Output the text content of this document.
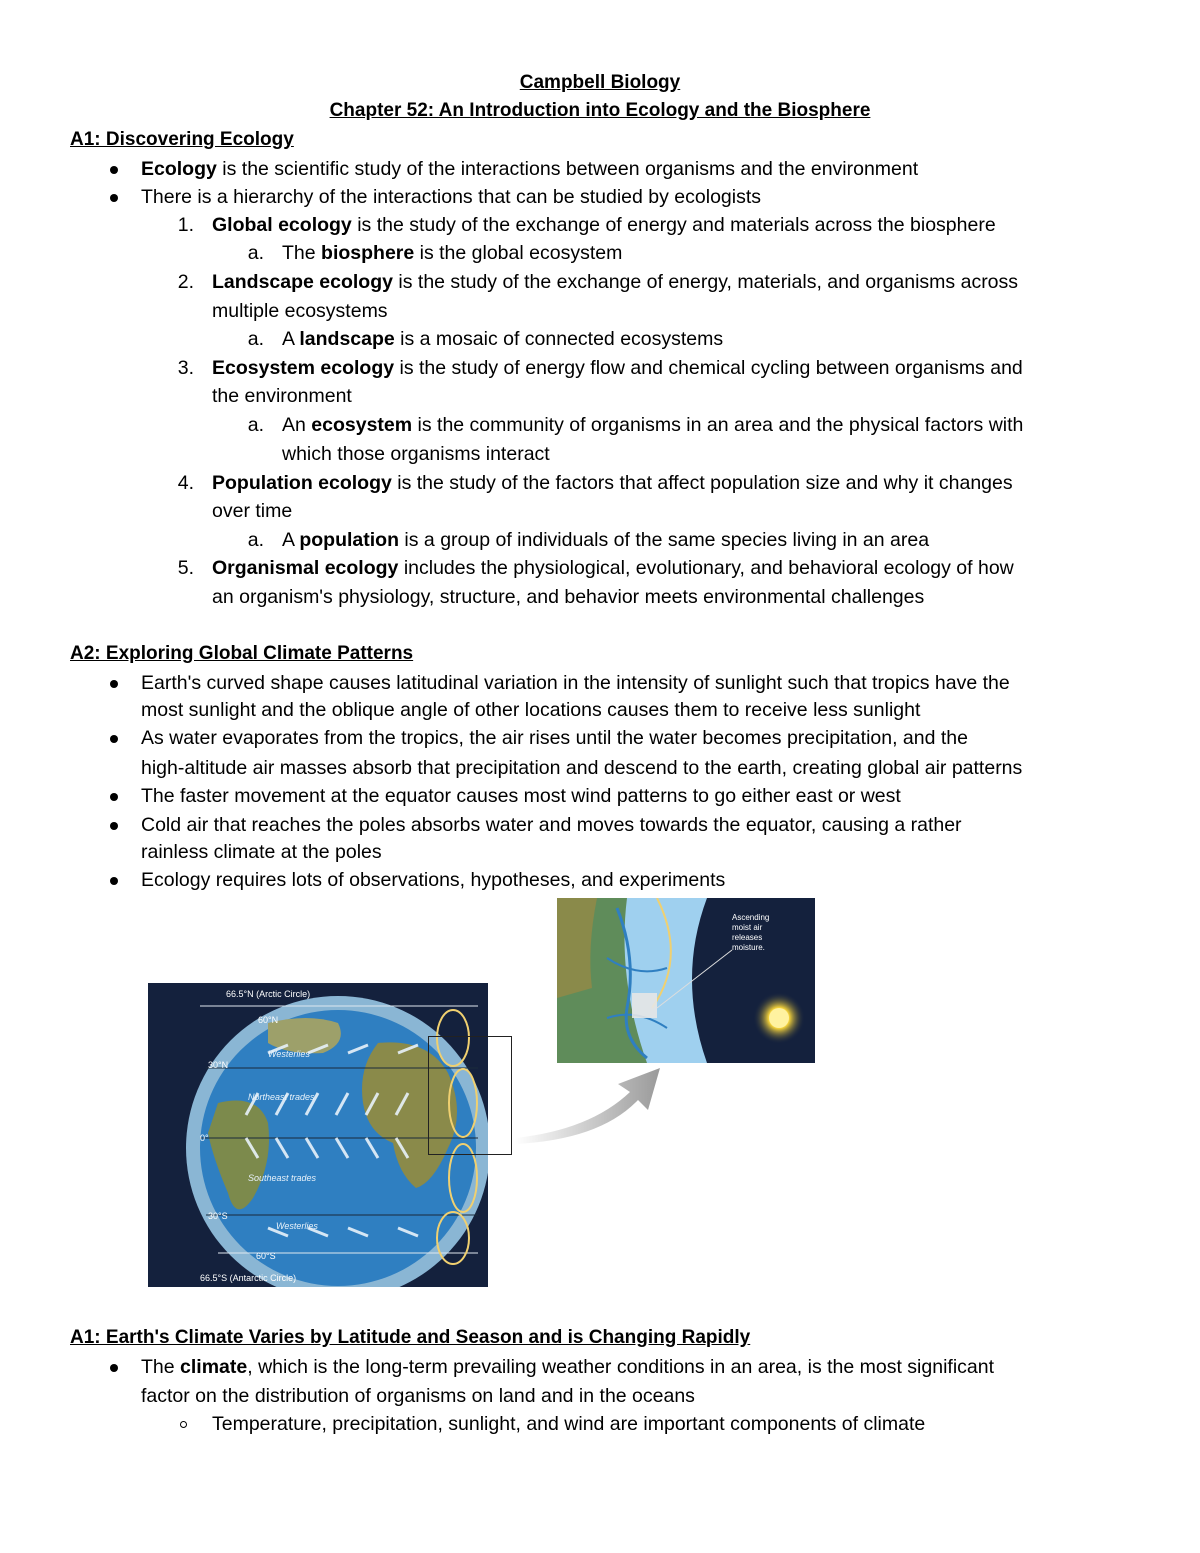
Campbell Biology
Chapter 52: An Introduction into Ecology and the Biosphere
A1: Discovering Ecology
Ecology is the scientific study of the interactions between organisms and the environment
There is a hierarchy of the interactions that can be studied by ecologists
1. Global ecology is the study of the exchange of energy and materials across the biosphere
a. The biosphere is the global ecosystem
2. Landscape ecology is the study of the exchange of energy, materials, and organisms across
multiple ecosystems
a. A landscape is a mosaic of connected ecosystems
3. Ecosystem ecology is the study of energy flow and chemical cycling between organisms and
the environment
a. An ecosystem is the community of organisms in an area and the physical factors with
which those organisms interact
4. Population ecology is the study of the factors that affect population size and why it changes
over time
a. A population is a group of individuals of the same species living in an area
5. Organismal ecology includes the physiological, evolutionary, and behavioral ecology of how
an organism's physiology, structure, and behavior meets environmental challenges
A2: Exploring Global Climate Patterns
Earth's curved shape causes latitudinal variation in the intensity of sunlight such that tropics have the
most sunlight and the oblique angle of other locations causes them to receive less sunlight
As water evaporates from the tropics, the air rises until the water becomes precipitation, and the
high-altitude air masses absorb that precipitation and descend to the earth, creating global air patterns
The faster movement at the equator causes most wind patterns to go either east or west
Cold air that reaches the poles absorbs water and moves towards the equator, causing a rather
rainless climate at the poles
Ecology requires lots of observations, hypotheses, and experiments
66.5°N (Arctic Circle)
60°N
Westerlies
30°N
Northeast trades
0°
Southeast trades
30°S
Westerlies
60°S
66.5°S (Antarctic Circle)
Ascending
moist air
releases
moisture.
A1: Earth's Climate Varies by Latitude and Season and is Changing Rapidly
The climate, which is the long-term prevailing weather conditions in an area, is the most significant
factor on the distribution of organisms on land and in the oceans
Temperature, precipitation, sunlight, and wind are important components of climate
